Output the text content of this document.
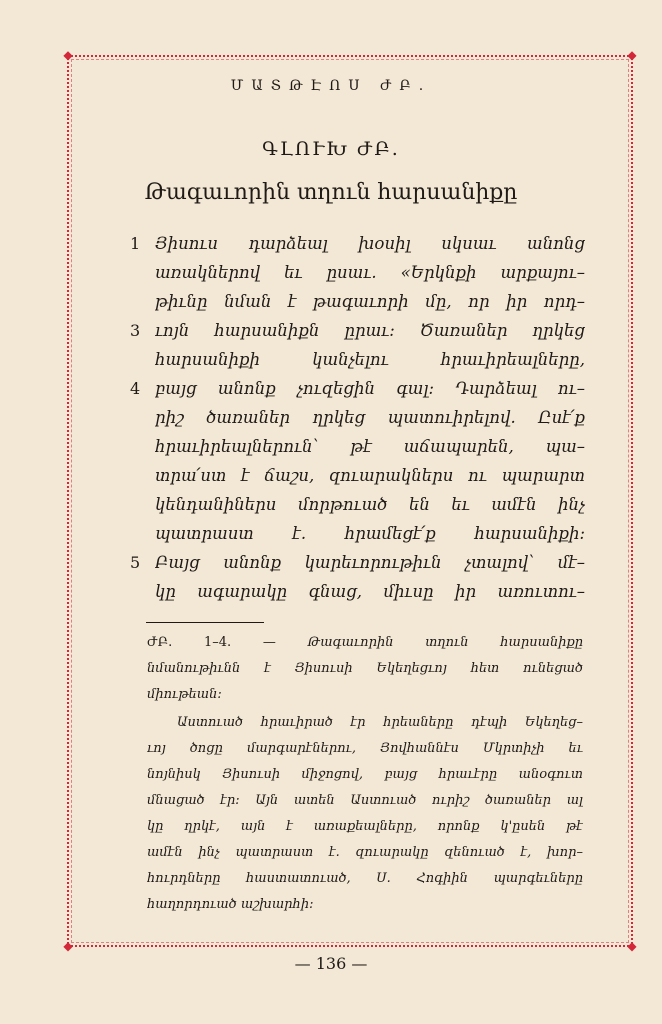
◆	◆
◆	◆
ՄԱՏԹԷՈՍ ԺԲ.
ԳԼՈՒԽ ԺԲ.
Թագաւորին տղուն հարսանիքը
1
3
4
5
Յիսուս դարձեալ խօսիլ սկսաւ անոնց
առակներով եւ ըսաւ. «Երկնքի արքայու–
թիւնը նման է թագաւորի մը, որ իր որդ–
ւոյն հարսանիքն ըրաւ: Ծառաներ ղրկեց
հարսանիքի կանչելու հրաւիրեալները,
բայց անոնք չուզեցին գալ: Դարձեալ ու–
րիշ ծառաներ ղրկեց պատուիրելով. Ըսէ՛ք
հրաւիրեալներուն՝ թէ աճապարեն, պա–
տրա՛ստ է ճաշս, զուարակներս ու պարարտ
կենդանիներս մորթուած են եւ ամէն ինչ
պատրաստ է. հրամեցէ՛ք հարսանիքի:
Բայց անոնք կարեւորութիւն չտալով՝ մէ–
կը ագարակը գնաց, միւսը իր առուտու–
ԺԲ. 1–4. — Թագաւորին տղուն հարսանիքը
նմանութիւնն է Յիսուսի Եկեղեցւոյ հետ ունեցած
միութեան:
Աստուած հրաւիրած էր հրեաները դէպի Եկեղեց–
ւոյ ծոցը մարգարէներու, Յովհաննէս Մկրտիչի եւ
նոյնիսկ Յիսուսի միջոցով, բայց հրաւէրը անօգուտ
մնացած էր: Այն ատեն Աստուած ուրիշ ծառաներ ալ
կը ղրկէ, այն է առաքեալները, որոնք կ'ըսեն թէ
ամէն ինչ պատրաստ է. զուարակը զենուած է, խոր–
հուրդները հաստատուած, Ս. Հոգիին պարգեւները
հաղորդուած աշխարհի:
— 136 —
